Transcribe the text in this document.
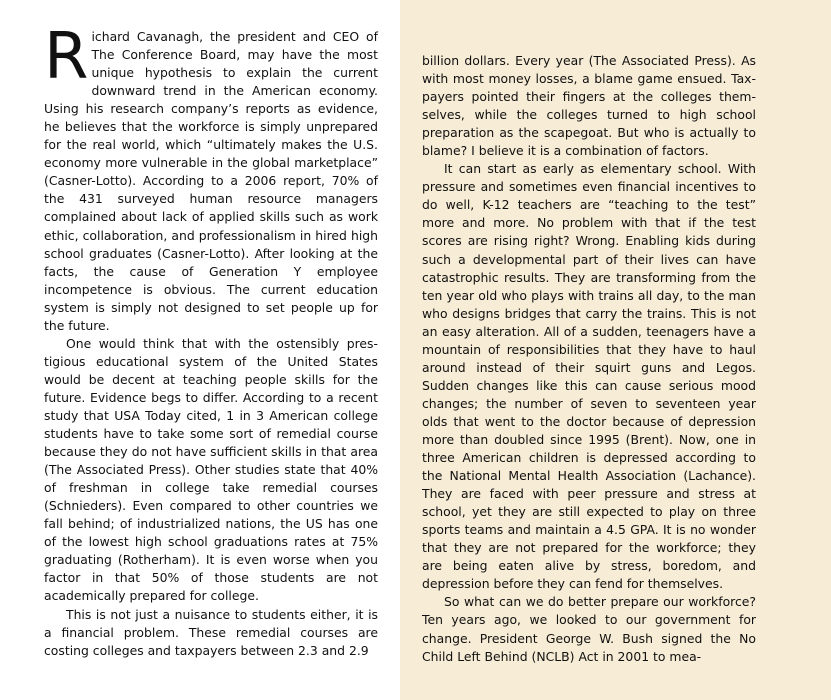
Richard Cavanagh, the president and CEO of The Conference Board, may have the most unique hypothesis to explain the current downward trend in the American economy. Using his research company’s reports as evidence, he believes that the workforce is simply unprepared for the real world, which “ultimately makes the U.S. economy more vulnerable in the global marketplace” (Casner-Lotto). According to a 2006 report, 70% of the 431 surveyed human resource managers complained about lack of applied skills such as work ethic, collaboration, and professionalism in hired high school graduates (Casner-Lotto). After looking at the facts, the cause of Generation Y employee incompetence is obvious. The current education system is simply not designed to set people up for the future.

One would think that with the ostensibly prestigious educational system of the United States would be decent at teaching people skills for the future. Evidence begs to differ. According to a recent study that USA Today cited, 1 in 3 American college students have to take some sort of remedial course because they do not have sufficient skills in that area (The Associated Press). Other studies state that 40% of freshman in college take remedial courses (Schnieders). Even compared to other countries we fall behind; of industrialized nations, the US has one of the lowest high school graduations rates at 75% graduating (Rotherham). It is even worse when you factor in that 50% of those students are not academically prepared for college.

This is not just a nuisance to students either, it is a financial problem. These remedial courses are costing colleges and taxpayers between 2.3 and 2.9

billion dollars. Every year (The Associated Press). As with most money losses, a blame game ensued. Taxpayers pointed their fingers at the colleges themselves, while the colleges turned to high school preparation as the scapegoat. But who is actually to blame? I believe it is a combination of factors.

It can start as early as elementary school. With pressure and sometimes even financial incentives to do well, K-12 teachers are “teaching to the test” more and more. No problem with that if the test scores are rising right? Wrong. Enabling kids during such a developmental part of their lives can have catastrophic results. They are transforming from the ten year old who plays with trains all day, to the man who designs bridges that carry the trains. This is not an easy alteration. All of a sudden, teenagers have a mountain of responsibilities that they have to haul around instead of their squirt guns and Legos. Sudden changes like this can cause serious mood changes; the number of seven to seventeen year olds that went to the doctor because of depression more than doubled since 1995 (Brent). Now, one in three American children is depressed according to the National Mental Health Association (Lachance). They are faced with peer pressure and stress at school, yet they are still expected to play on three sports teams and maintain a 4.5 GPA. It is no wonder that they are not prepared for the workforce; they are being eaten alive by stress, boredom, and depression before they can fend for themselves.

So what can we do better prepare our workforce? Ten years ago, we looked to our government for change. President George W. Bush signed the No Child Left Behind (NCLB) Act in 2001 to mea-
